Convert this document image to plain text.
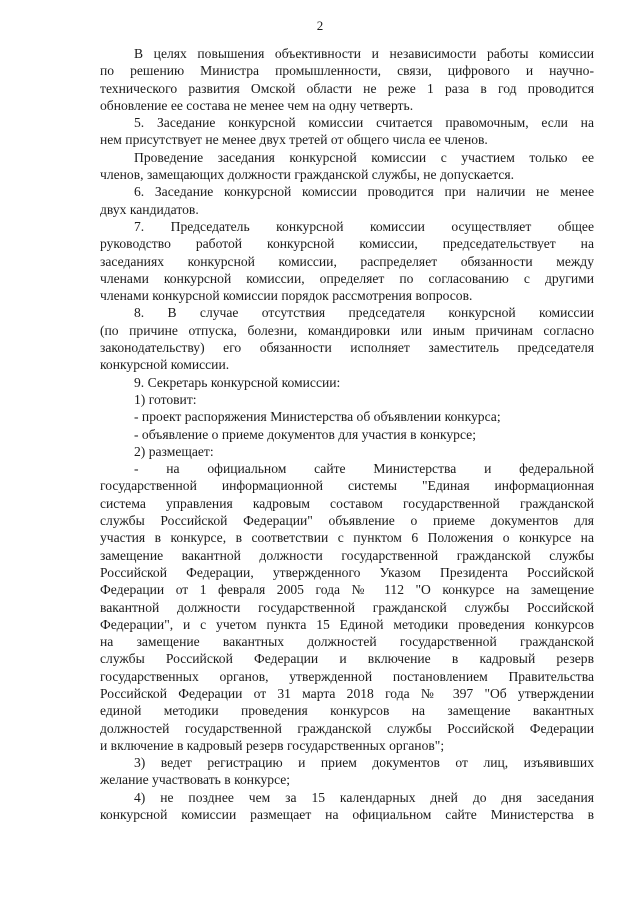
2
В целях повышения объективности и независимости работы комиссии
по решению Министра промышленности, связи, цифрового и научно-
технического развития Омской области не реже 1 раза в год проводится
обновление ее состава не менее чем на одну четверть.
5. Заседание конкурсной комиссии считается правомочным, если на
нем присутствует не менее двух третей от общего числа ее членов.
Проведение заседания конкурсной комиссии с участием только ее
членов, замещающих должности гражданской службы, не допускается.
6. Заседание конкурсной комиссии проводится при наличии не менее
двух кандидатов.
7. Председатель конкурсной комиссии осуществляет общее
руководство работой конкурсной комиссии, председательствует на
заседаниях конкурсной комиссии, распределяет обязанности между
членами конкурсной комиссии, определяет по согласованию с другими
членами конкурсной комиссии порядок рассмотрения вопросов.
8. В случае отсутствия председателя конкурсной комиссии
(по причине отпуска, болезни, командировки или иным причинам согласно
законодательству) его обязанности исполняет заместитель председателя
конкурсной комиссии.
9. Секретарь конкурсной комиссии:
1) готовит:
- проект распоряжения Министерства об объявлении конкурса;
- объявление о приеме документов для участия в конкурсе;
2) размещает:
- на официальном сайте Министерства и федеральной
государственной информационной системы "Единая информационная
система управления кадровым составом государственной гражданской
службы Российской Федерации" объявление о приеме документов для
участия в конкурсе, в соответствии с пунктом 6 Положения о конкурсе на
замещение вакантной должности государственной гражданской службы
Российской Федерации, утвержденного Указом Президента Российской
Федерации от 1 февраля 2005 года № 112 "О конкурсе на замещение
вакантной должности государственной гражданской службы Российской
Федерации", и с учетом пункта 15 Единой методики проведения конкурсов
на замещение вакантных должностей государственной гражданской
службы Российской Федерации и включение в кадровый резерв
государственных органов, утвержденной постановлением Правительства
Российской Федерации от 31 марта 2018 года № 397 "Об утверждении
единой методики проведения конкурсов на замещение вакантных
должностей государственной гражданской службы Российской Федерации
и включение в кадровый резерв государственных органов";
3) ведет регистрацию и прием документов от лиц, изъявивших
желание участвовать в конкурсе;
4) не позднее чем за 15 календарных дней до дня заседания
конкурсной комиссии размещает на официальном сайте Министерства в
